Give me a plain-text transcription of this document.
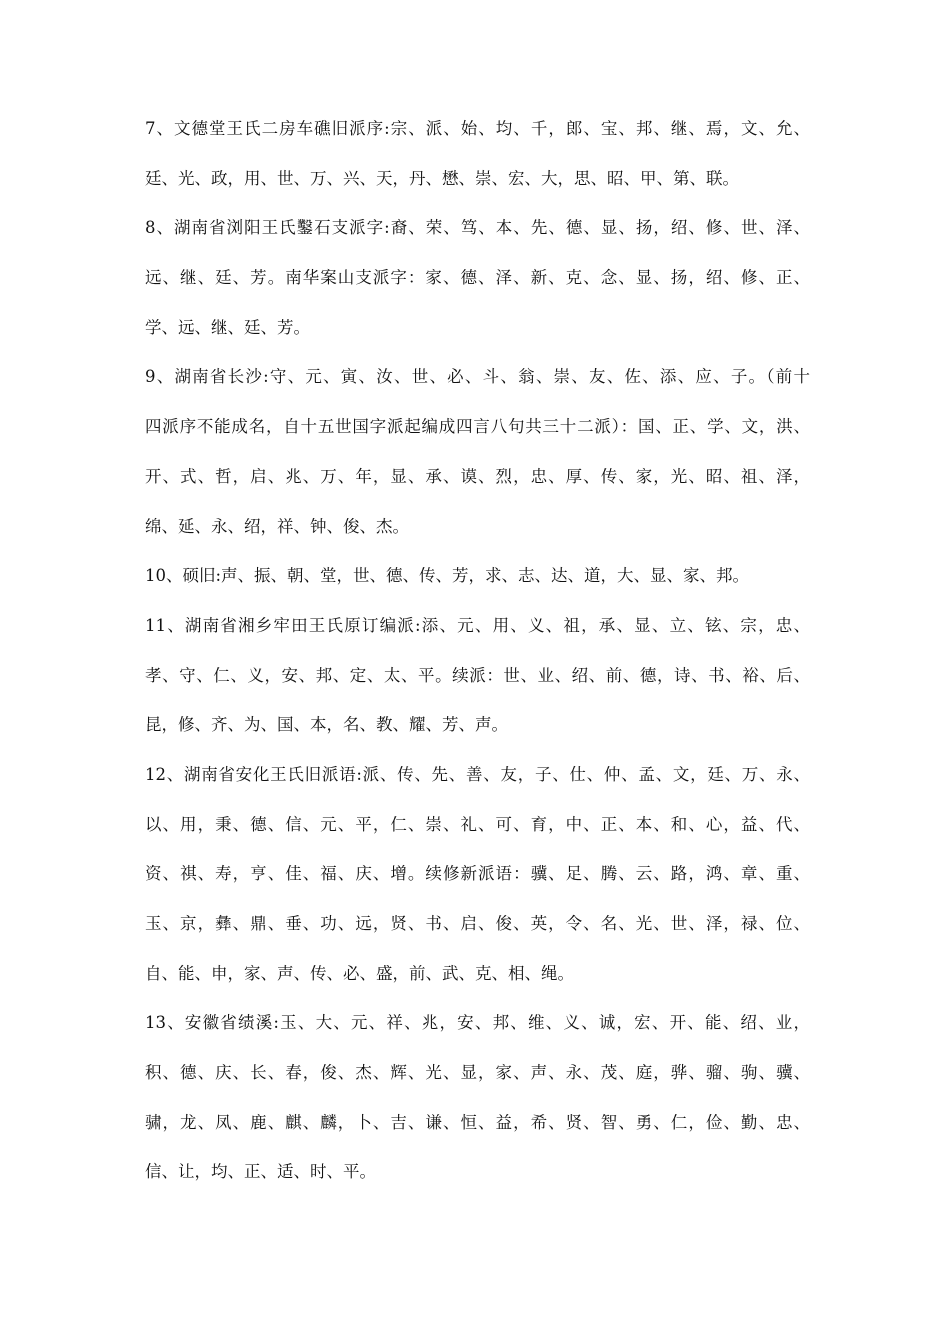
7、文德堂王氏二房车礁旧派序:宗、派、始、均、千，郎、宝、邦、继、焉，文、允、
廷、光、政，用、世、万、兴、天，丹、懋、崇、宏、大，思、昭、甲、第、联。
8、湖南省浏阳王氏鑿石支派字:裔、荣、笃、本、先、德、显、扬，绍、修、世、泽、
远、继、廷、芳。南华案山支派字：家、德、泽、新、克、念、显、扬，绍、修、正、
学、远、继、廷、芳。
9、湖南省长沙:守、元、寅、汝、世、必、斗、翁、崇、友、佐、添、应、子。（前十
四派序不能成名，自十五世国字派起编成四言八句共三十二派）：国、正、学、文，洪、
开、式、哲，启、兆、万、年，显、承、谟、烈，忠、厚、传、家，光、昭、祖、泽，
绵、延、永、绍，祥、钟、俊、杰。
10、硕旧:声、振、朝、堂，世、德、传、芳，求、志、达、道，大、显、家、邦。
11、湖南省湘乡牢田王氏原订编派:添、元、用、义、祖，承、显、立、铉、宗，忠、
孝、守、仁、义，安、邦、定、太、平。续派：世、业、绍、前、德，诗、书、裕、后、
昆，修、齐、为、国、本，名、教、耀、芳、声。
12、湖南省安化王氏旧派语:派、传、先、善、友，子、仕、仲、孟、文，廷、万、永、
以、用，秉、德、信、元、平，仁、崇、礼、可、育，中、正、本、和、心，益、代、
资、祺、寿，亨、佳、福、庆、增。续修新派语：骥、足、腾、云、路，鸿、章、重、
玉、京，彝、鼎、垂、功、远，贤、书、启、俊、英，令、名、光、世、泽，禄、位、
自、能、申，家、声、传、必、盛，前、武、克、相、绳。
13、安徽省绩溪:玉、大、元、祥、兆，安、邦、维、义、诚，宏、开、能、绍、业，
积、德、庆、长、春，俊、杰、辉、光、显，家、声、永、茂、庭，骅、骝、驹、骥、
骕，龙、凤、鹿、麒、麟，卜、吉、谦、恒、益，希、贤、智、勇、仁，俭、勤、忠、
信、让，均、正、适、时、平。
